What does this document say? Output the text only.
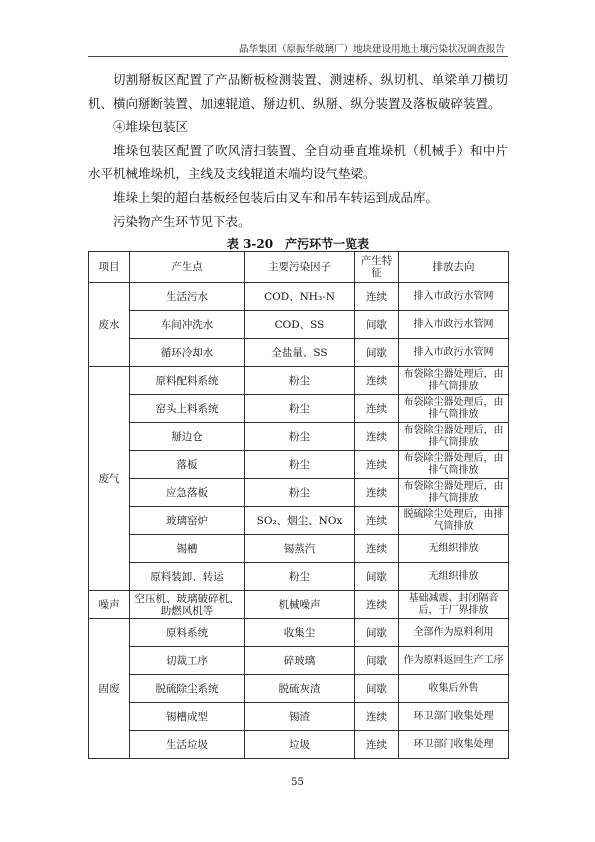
晶华集团（原振华玻璃厂）地块建设用地土壤污染状况调查报告

切割掰板区配置了产品断板检测装置、测速桥、纵切机、单梁单刀横切机、横向掰断装置、加速辊道、掰边机、纵掰、纵分装置及落板破碎装置。

④堆垛包装区

堆垛包装区配置了吹风清扫装置、全自动垂直堆垛机（机械手）和中片水平机械堆垛机，主线及支线辊道末端均设气垫梁。

堆垛上架的超白基板经包装后由叉车和吊车转运到成品库。

污染物产生环节见下表。

表 3-20　产污环节一览表
项目	产生点	主要污染因子	产生特征	排放去向
废水	生活污水	COD、NH₃-N	连续	排入市政污水管网
	车间冲洗水	COD、SS	间歇	排入市政污水管网
	循环冷却水	全盐量、SS	间歇	排入市政污水管网
废气	原料配料系统	粉尘	连续	布袋除尘器处理后，由排气筒排放
	窑头上料系统	粉尘	连续	布袋除尘器处理后，由排气筒排放
	掰边仓	粉尘	连续	布袋除尘器处理后，由排气筒排放
	落板	粉尘	连续	布袋除尘器处理后，由排气筒排放
	应急落板	粉尘	连续	布袋除尘器处理后，由排气筒排放
	玻璃窑炉	SO₂、烟尘、NOx	连续	脱硫除尘处理后，由排气筒排放
	锡槽	锡蒸汽	连续	无组织排放
	原料装卸、转运	粉尘	间歇	无组织排放
噪声	空压机、玻璃破碎机、助燃风机等	机械噪声	连续	基础减震、封闭隔音后，于厂界排放
固废	原料系统	收集尘	间歇	全部作为原料利用
	切裁工序	碎玻璃	间歇	作为原料返回生产工序
	脱硫除尘系统	脱硫灰渣	间歇	收集后外售
	锡槽成型	锡渣	连续	环卫部门收集处理
	生活垃圾	垃圾	连续	环卫部门收集处理
55
